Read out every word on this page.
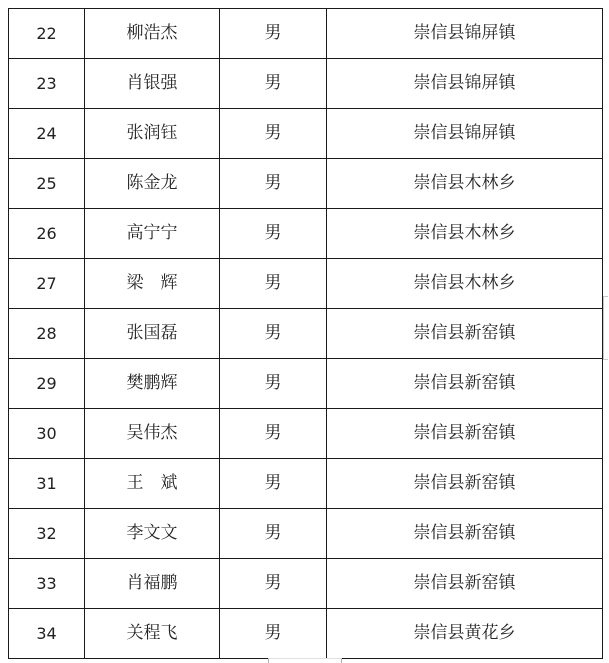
22	柳浩杰	男	崇信县锦屏镇
23	肖银强	男	崇信县锦屏镇
24	张润钰	男	崇信县锦屏镇
25	陈金龙	男	崇信县木林乡
26	高宁宁	男	崇信县木林乡
27	梁　辉	男	崇信县木林乡
28	张国磊	男	崇信县新窑镇
29	樊鹏辉	男	崇信县新窑镇
30	吴伟杰	男	崇信县新窑镇
31	王　斌	男	崇信县新窑镇
32	李文文	男	崇信县新窑镇
33	肖福鹏	男	崇信县新窑镇
34	关程飞	男	崇信县黄花乡
